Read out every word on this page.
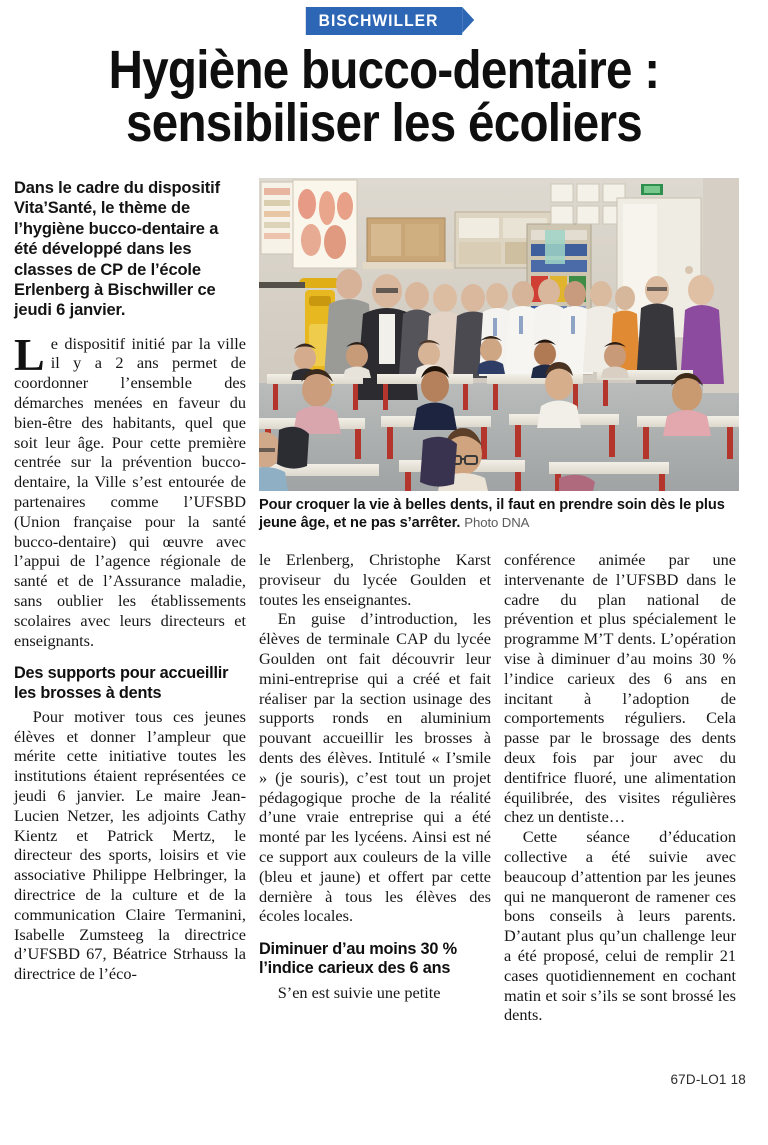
BISCHWILLER
Hygiène bucco-dentaire :
sensibiliser les écoliers
Pour croquer la vie à belles dents, il faut en prendre soin dès le plus jeune âge, et ne pas s’arrêter. Photo DNA

Dans le cadre du dispositif Vita’Santé, le thème de l’hygiène bucco-dentaire a été développé dans les classes de CP de l’école Erlenberg à Bischwiller ce jeudi 6 janvier.

Le dispositif initié par la ville il y a 2 ans permet de coordonner l’ensemble des démarches menées en faveur du bien-être des habitants, quel que soit leur âge. Pour cette première centrée sur la prévention bucco-dentaire, la Ville s’est entourée de partenaires comme l’UFSBD (Union française pour la santé bucco-dentaire) qui œuvre avec l’appui de l’agence régionale de santé et de l’Assurance maladie, sans oublier les établissements scolaires avec leurs directeurs et enseignants.

Des supports pour accueillir les brosses à dents

Pour motiver tous ces jeunes élèves et donner l’ampleur que mérite cette initiative toutes les institutions étaient représentées ce jeudi 6 janvier. Le maire Jean-Lucien Netzer, les adjoints Cathy Kientz et Patrick Mertz, le directeur des sports, loisirs et vie associative Philippe Helbringer, la directrice de la culture et de la communication Claire Termanini, Isabelle Zumsteeg la directrice d’UFSBD 67, Béatrice Strhauss la directrice de l’éco-

le Erlenberg, Christophe Karst proviseur du lycée Goulden et toutes les enseignantes.

En guise d’introduction, les élèves de terminale CAP du lycée Goulden ont fait découvrir leur mini-entreprise qui a créé et fait réaliser par la section usinage des supports ronds en aluminium pouvant accueillir les brosses à dents des élèves. Intitulé « I’smile » (je souris), c’est tout un projet pédagogique proche de la réalité d’une vraie entreprise qui a été monté par les lycéens. Ainsi est né ce support aux couleurs de la ville (bleu et jaune) et offert par cette dernière à tous les élèves des écoles locales.

Diminuer d’au moins 30 % l’indice carieux des 6 ans

S’en est suivie une petite

conférence animée par une intervenante de l’UFSBD dans le cadre du plan national de prévention et plus spécialement le programme M’T dents. L’opération vise à diminuer d’au moins 30 % l’indice carieux des 6 ans en incitant à l’adoption de comportements réguliers. Cela passe par le brossage des dents deux fois par jour avec du dentifrice fluoré, une alimentation équilibrée, des visites régulières chez un dentiste…

Cette séance d’éducation collective a été suivie avec beaucoup d’attention par les jeunes qui ne manqueront de ramener ces bons conseils à leurs parents. D’autant plus qu’un challenge leur a été proposé, celui de remplir 21 cases quotidiennement en cochant matin et soir s’ils se sont brossé les dents.

67D-LO1 18
